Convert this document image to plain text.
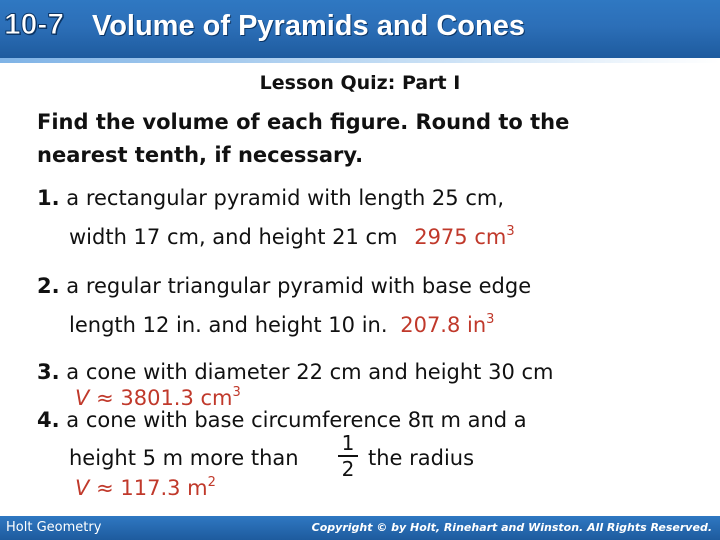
10-7 Volume of Pyramids and Cones
Lesson Quiz: Part I
Find the volume of each figure. Round to the
nearest tenth, if necessary.
1. a rectangular pyramid with length 25 cm,
width 17 cm, and height 21 cm 2975 $cm^3$
2. a regular triangular pyramid with base edge
length 12 in. and height 10 in. 207.8 $in^3$
3. a cone with diameter 22 cm and height 30 cm
V ≈ 3801.3 $cm^3$
4. a cone with base circumference 8π m and a
height 5 m more than
1
2 the radius
V ≈ 117.3 $m^2$
Holt Geometry	Copyright © by Holt, Rinehart and Winston. All Rights Reserved.
